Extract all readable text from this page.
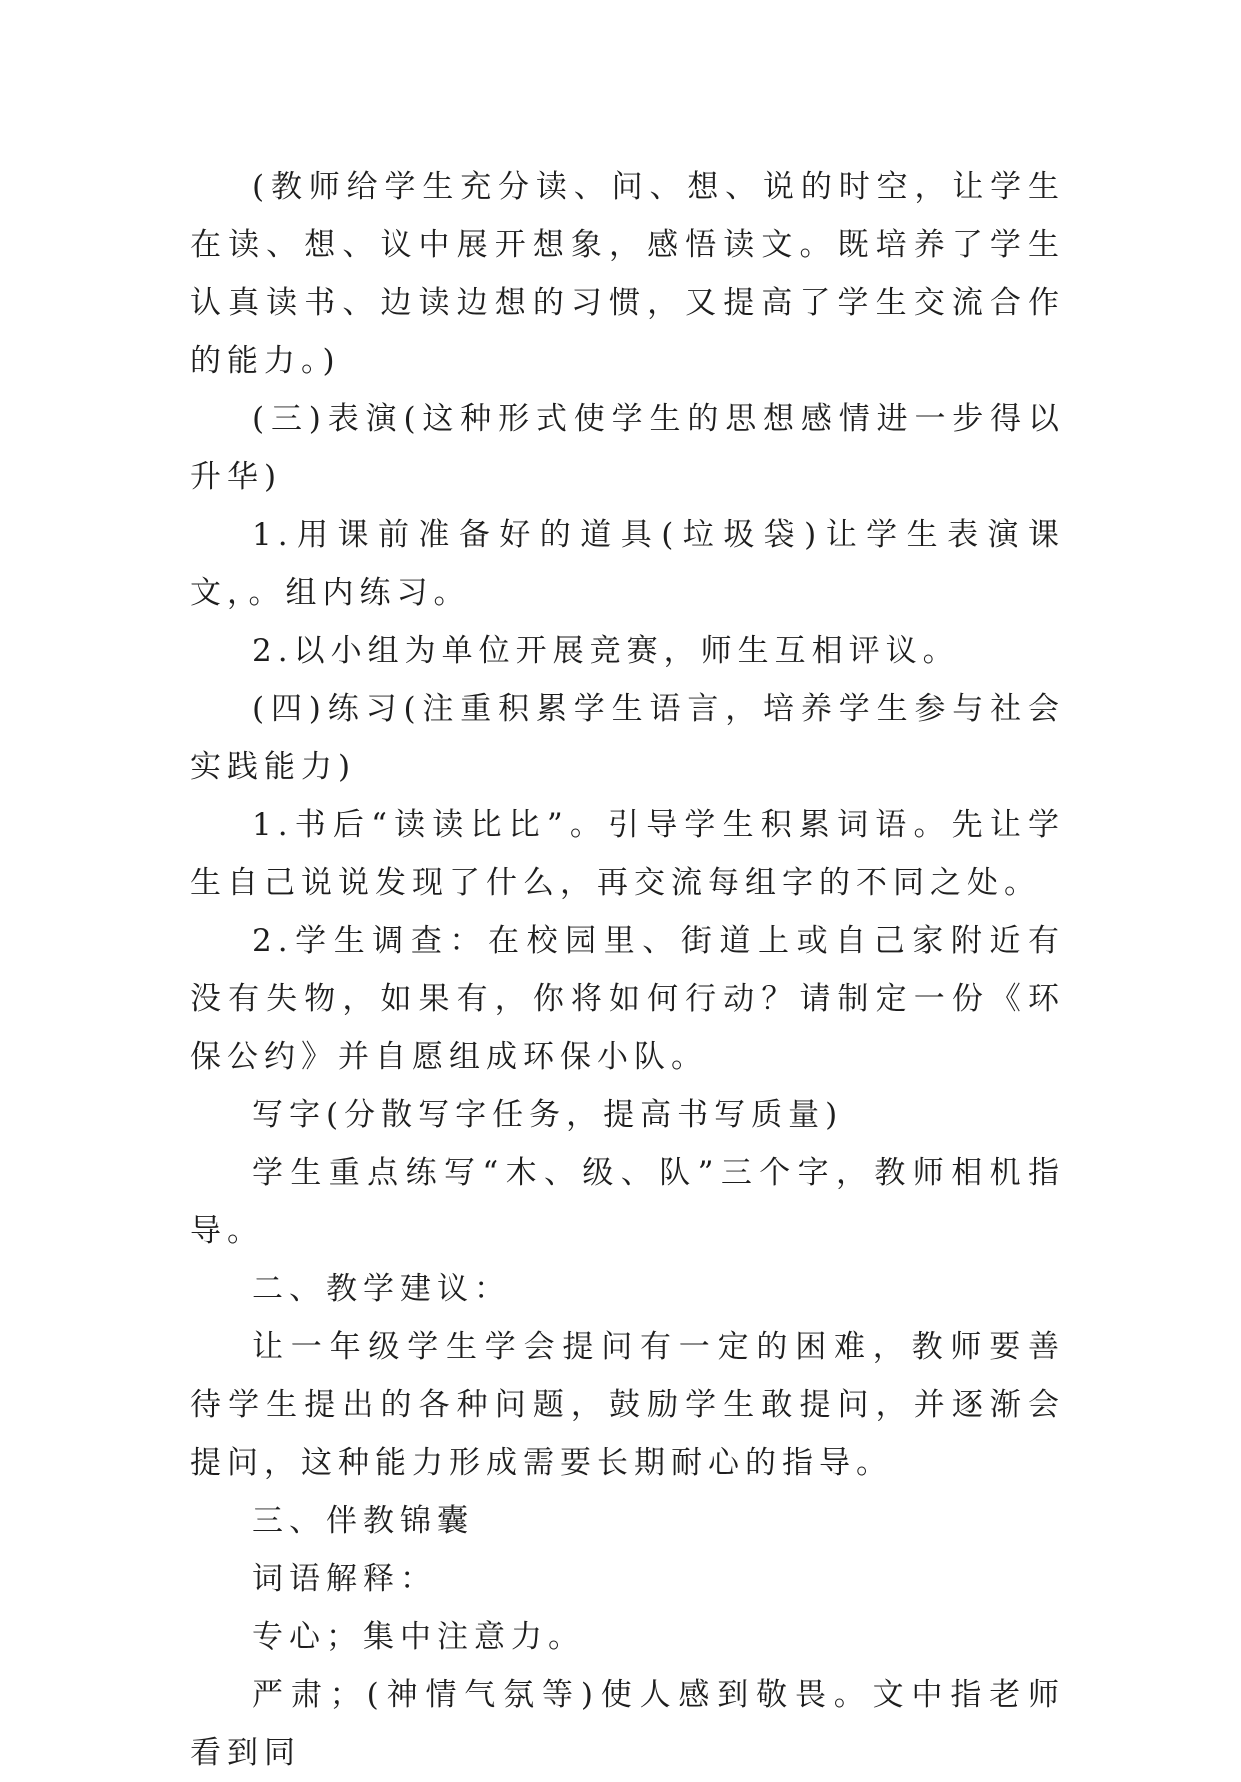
(教师给学生充分读、问、想、说的时空，让学生在读、想、议中展开想象，感悟读文。既培养了学生认真读书、边读边想的习惯，又提高了学生交流合作的能力。)

(三)表演(这种形式使学生的思想感情进一步得以升华)

1.用课前准备好的道具(垃圾袋)让学生表演课文，。组内练习。

2.以小组为单位开展竞赛，师生互相评议。

(四)练习(注重积累学生语言，培养学生参与社会实践能力)

1.书后“读读比比”。引导学生积累词语。先让学生自己说说发现了什么，再交流每组字的不同之处。

2.学生调查：在校园里、街道上或自己家附近有没有失物，如果有，你将如何行动？请制定一份《环保公约》并自愿组成环保小队。

写字(分散写字任务，提高书写质量)

学生重点练写“木、级、队”三个字，教师相机指导。

二、教学建议：

让一年级学生学会提问有一定的困难，教师要善待学生提出的各种问题，鼓励学生敢提问，并逐渐会提问，这种能力形成需要长期耐心的指导。

三、伴教锦囊

词语解释：

专心；集中注意力。

严肃；(神情气氛等)使人感到敬畏。文中指老师看到同
